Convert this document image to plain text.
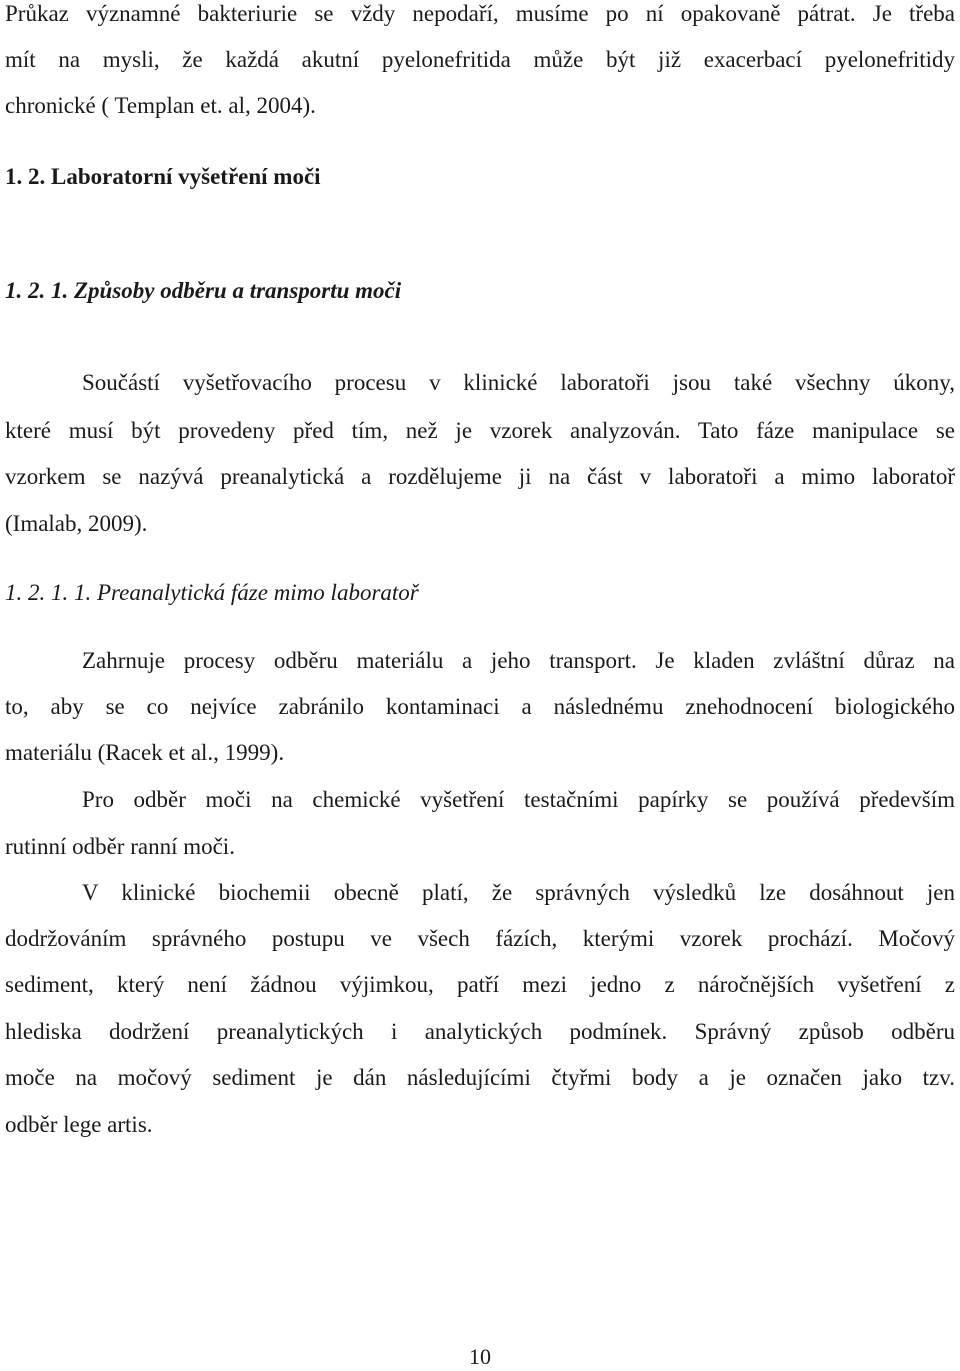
Průkaz významné bakteriurie se vždy nepodaří, musíme po ní opakovaně pátrat. Je třeba
mít na mysli, že každá akutní pyelonefritida může být již exacerbací pyelonefritidy
chronické ( Templan et. al, 2004).
1. 2. Laboratorní vyšetření moči
1. 2. 1. Způsoby odběru a transportu moči
Součástí vyšetřovacího procesu v klinické laboratoři jsou také všechny úkony,
které musí být provedeny před tím, než je vzorek analyzován. Tato fáze manipulace se
vzorkem se nazývá preanalytická a rozdělujeme ji na část v laboratoři a mimo laboratoř
(Imalab, 2009).
1. 2. 1. 1. Preanalytická fáze mimo laboratoř
Zahrnuje procesy odběru materiálu a jeho transport. Je kladen zvláštní důraz na
to, aby se co nejvíce zabránilo kontaminaci a následnému znehodnocení biologického
materiálu (Racek et al., 1999).
Pro odběr moči na chemické vyšetření testačními papírky se používá především
rutinní odběr ranní moči.
V klinické biochemii obecně platí, že správných výsledků lze dosáhnout jen
dodržováním správného postupu ve všech fázích, kterými vzorek prochází. Močový
sediment, který není žádnou výjimkou, patří mezi jedno z náročnějších vyšetření z
hlediska dodržení preanalytických i analytických podmínek. Správný způsob odběru
moče na močový sediment je dán následujícími čtyřmi body a je označen jako tzv.
odběr lege artis.
10
